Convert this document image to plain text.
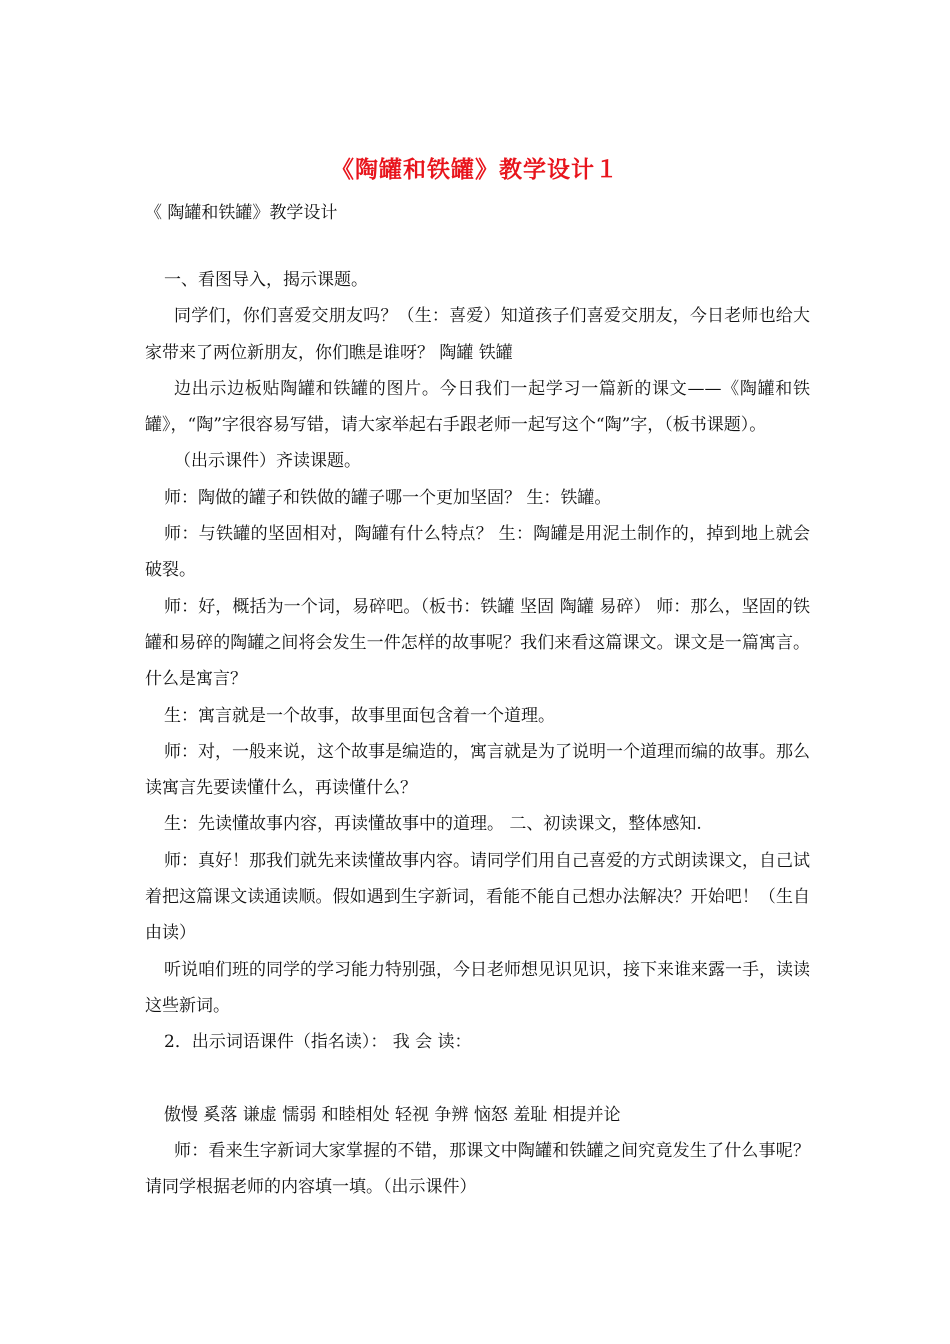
《陶罐和铁罐》教学设计１
《 陶罐和铁罐》教学设计

一、看图导入，揭示课题。

同学们，你们喜爱交朋友吗？（生：喜爱）知道孩子们喜爱交朋友，今日老师也给大家带来了两位新朋友，你们瞧是谁呀？ 陶罐 铁罐

边出示边板贴陶罐和铁罐的图片。今日我们一起学习一篇新的课文——《陶罐和铁罐》，“陶”字很容易写错，请大家举起右手跟老师一起写这个“陶”字，（板书课题）。

（出示课件）齐读课题。

师：陶做的罐子和铁做的罐子哪一个更加坚固？ 生：铁罐。

师：与铁罐的坚固相对，陶罐有什么特点？ 生：陶罐是用泥土制作的，掉到地上就会破裂。

师：好，概括为一个词，易碎吧。（板书：铁罐 坚固 陶罐 易碎） 师：那么，坚固的铁罐和易碎的陶罐之间将会发生一件怎样的故事呢？我们来看这篇课文。课文是一篇寓言。什么是寓言？

生：寓言就是一个故事，故事里面包含着一个道理。

师：对，一般来说，这个故事是编造的，寓言就是为了说明一个道理而编的故事。那么读寓言先要读懂什么，再读懂什么？

生：先读懂故事内容，再读懂故事中的道理。 二、初读课文，整体感知.

师：真好！那我们就先来读懂故事内容。请同学们用自己喜爱的方式朗读课文，自己试着把这篇课文读通读顺。假如遇到生字新词，看能不能自己想办法解决？开始吧！（生自由读）

听说咱们班的同学的学习能力特别强，今日老师想见识见识，接下来谁来露一手，读读这些新词。

2．出示词语课件（指名读）： 我 会 读：

傲慢 奚落 谦虚 懦弱 和睦相处 轻视 争辨 恼怒 羞耻 相提并论

师：看来生字新词大家掌握的不错，那课文中陶罐和铁罐之间究竟发生了什么事呢？请同学根据老师的内容填一填。（出示课件）
